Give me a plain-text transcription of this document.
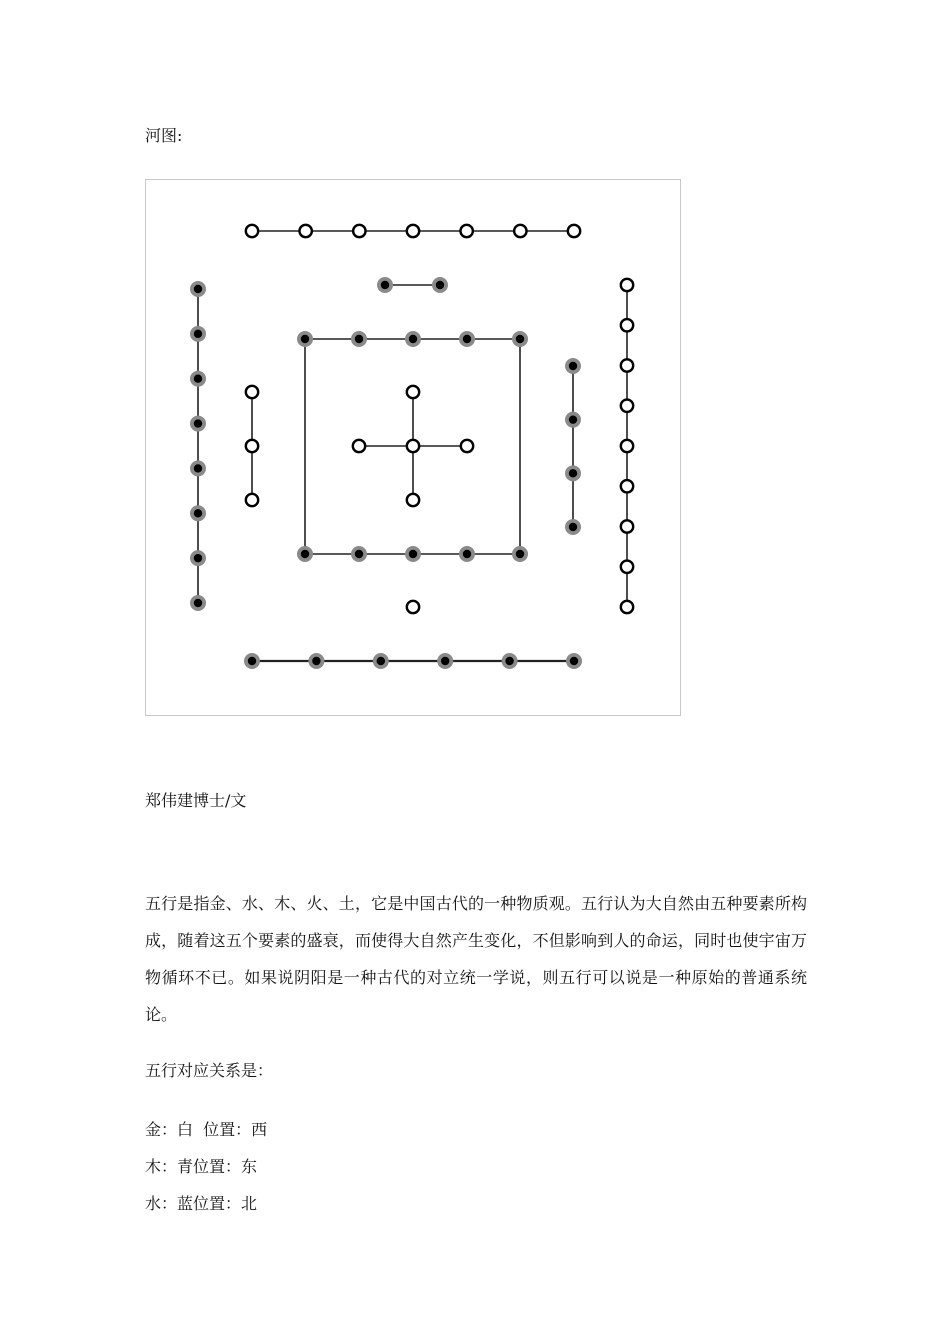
河图:

郑伟建博士/文

五行是指金、水、木、火、土，它是中国古代的一种物质观。五行认为大自然由五种要素所构成，随着这五个要素的盛衰，而使得大自然产生变化，不但影响到人的命运，同时也使宇宙万物循环不已。如果说阴阳是一种古代的对立统一学说，则五行可以说是一种原始的普通系统论。

五行对应关系是：

金：白  位置：西

木：青位置：东

水：蓝位置：北
